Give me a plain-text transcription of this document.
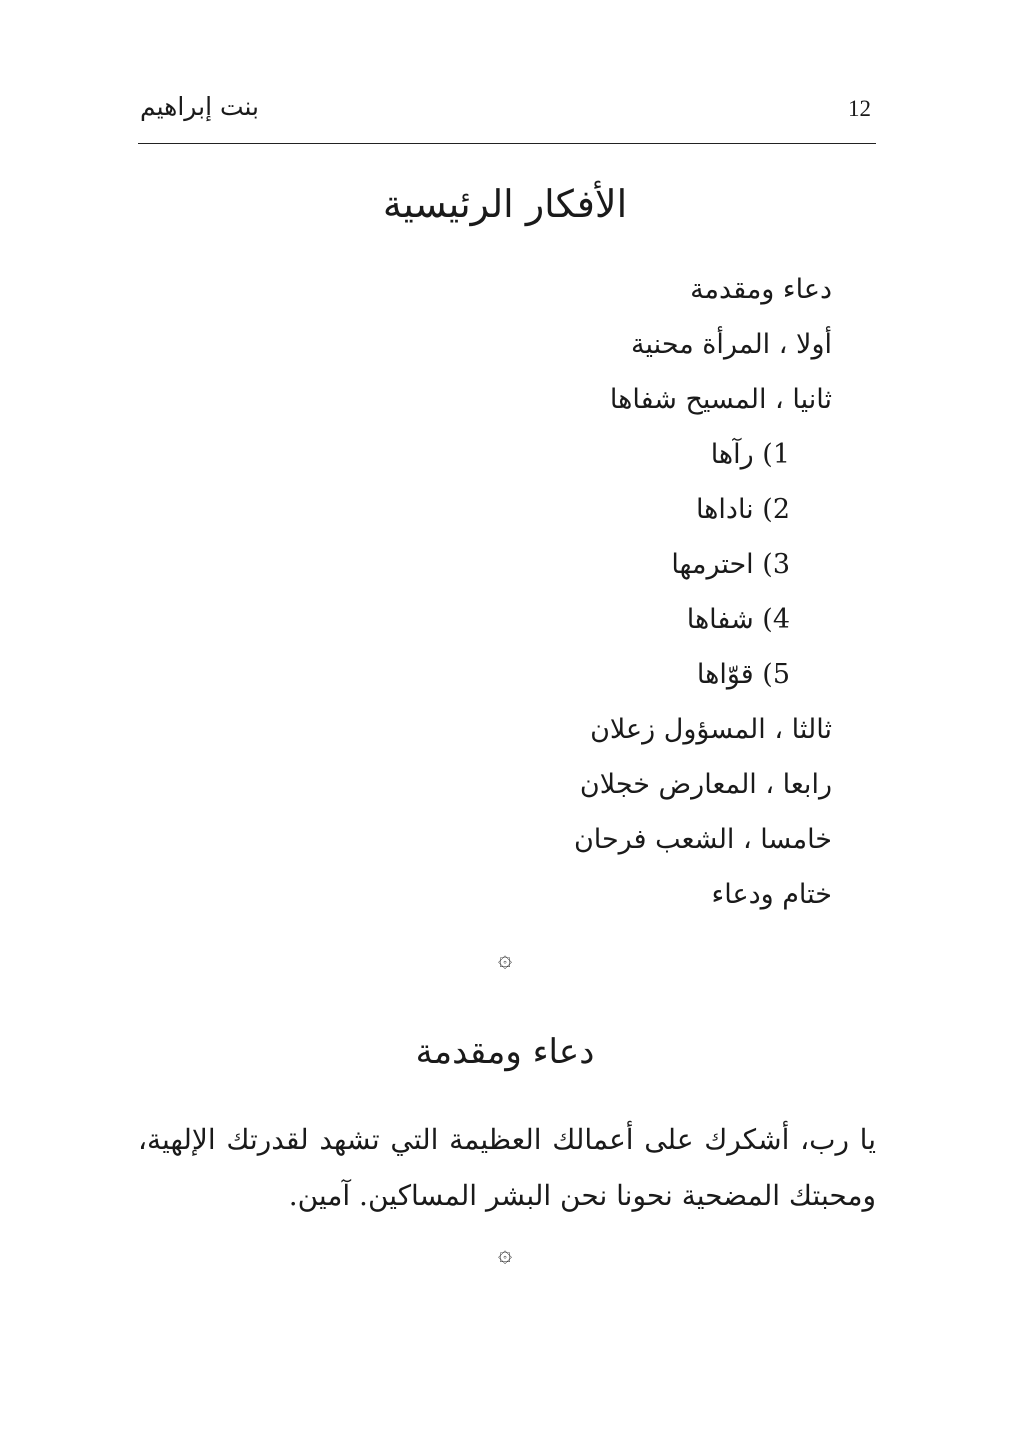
بنت إبراهيم	12
الأفكار الرئيسية
دعاء ومقدمة
أولا ، المرأة محنية
ثانيا ، المسيح شفاها
1) رآها
2) ناداها
3) احترمها
4) شفاها
5) قوّاها
ثالثا ، المسؤول زعلان
رابعا ، المعارض خجلان
خامسا ، الشعب فرحان
ختام ودعاء
۞
دعاء ومقدمة

يا رب، أشكرك على أعمالك العظيمة التي تشهد لقدرتك الإلهية، ومحبتك المضحية نحونا نحن البشر المساكين. آمين.

۞
